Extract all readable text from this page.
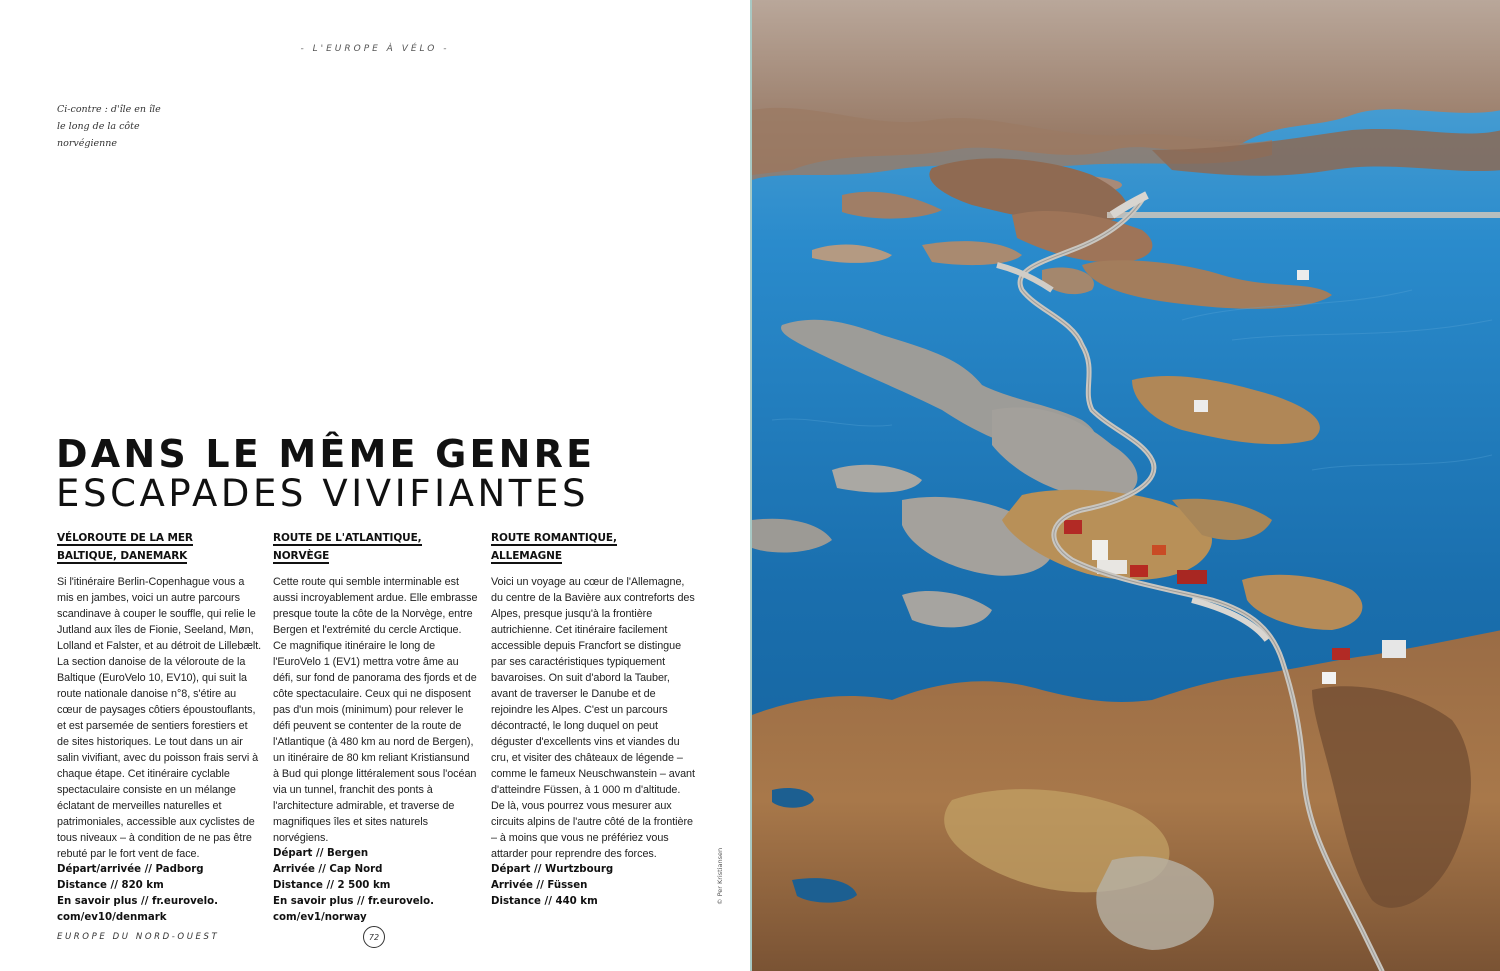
- L'EUROPE À VÉLO -
Ci-contre : d'île en île
le long de la côte
norvégienne
DANS LE MÊME GENRE
ESCAPADES VIVIFIANTES
VÉLOROUTE DE LA MER
BALTIQUE, DANEMARK

Si l'itinéraire Berlin-Copenhague vous a mis en jambes, voici un autre parcours scandinave à couper le souffle, qui relie le Jutland aux îles de Fionie, Seeland, Møn, Lolland et Falster, et au détroit de Lillebælt. La section danoise de la véloroute de la Baltique (EuroVelo 10, EV10), qui suit la route nationale danoise n°8, s'étire au cœur de paysages côtiers époustouflants, et est parsemée de sentiers forestiers et de sites historiques. Le tout dans un air salin vivifiant, avec du poisson frais servi à chaque étape. Cet itinéraire cyclable spectaculaire consiste en un mélange éclatant de merveilles naturelles et patrimoniales, accessible aux cyclistes de tous niveaux – à condition de ne pas être rebuté par le fort vent de face.

Départ/arrivée // Padborg
Distance // 820 km
En savoir plus // fr.eurovelo.
com/ev10/denmark
ROUTE DE L'ATLANTIQUE,
NORVÈGE

Cette route qui semble interminable est aussi incroyablement ardue. Elle embrasse presque toute la côte de la Norvège, entre Bergen et l'extrémité du cercle Arctique. Ce magnifique itinéraire le long de l'EuroVelo 1 (EV1) mettra votre âme au défi, sur fond de panorama des fjords et de côte spectaculaire. Ceux qui ne disposent pas d'un mois (minimum) pour relever le défi peuvent se contenter de la route de l'Atlantique (à 480 km au nord de Bergen), un itinéraire de 80 km reliant Kristiansund à Bud qui plonge littéralement sous l'océan via un tunnel, franchit des ponts à l'architecture admirable, et traverse de magnifiques îles et sites naturels norvégiens.

Départ // Bergen
Arrivée // Cap Nord
Distance // 2 500 km
En savoir plus // fr.eurovelo.
com/ev1/norway
ROUTE ROMANTIQUE,
ALLEMAGNE

Voici un voyage au cœur de l'Allemagne, du centre de la Bavière aux contreforts des Alpes, presque jusqu'à la frontière autrichienne. Cet itinéraire facilement accessible depuis Francfort se distingue par ses caractéristiques typiquement bavaroises. On suit d'abord la Tauber, avant de traverser le Danube et de rejoindre les Alpes. C'est un parcours décontracté, le long duquel on peut déguster d'excellents vins et viandes du cru, et visiter des châteaux de légende – comme le fameux Neuschwanstein – avant d'atteindre Füssen, à 1 000 m d'altitude. De là, vous pourrez vous mesurer aux circuits alpins de l'autre côté de la frontière – à moins que vous ne préfériez vous attarder pour reprendre des forces.

Départ // Wurtzbourg
Arrivée // Füssen
Distance // 440 km
EUROPE DU NORD-OUEST	72
© Per Kristiansen
